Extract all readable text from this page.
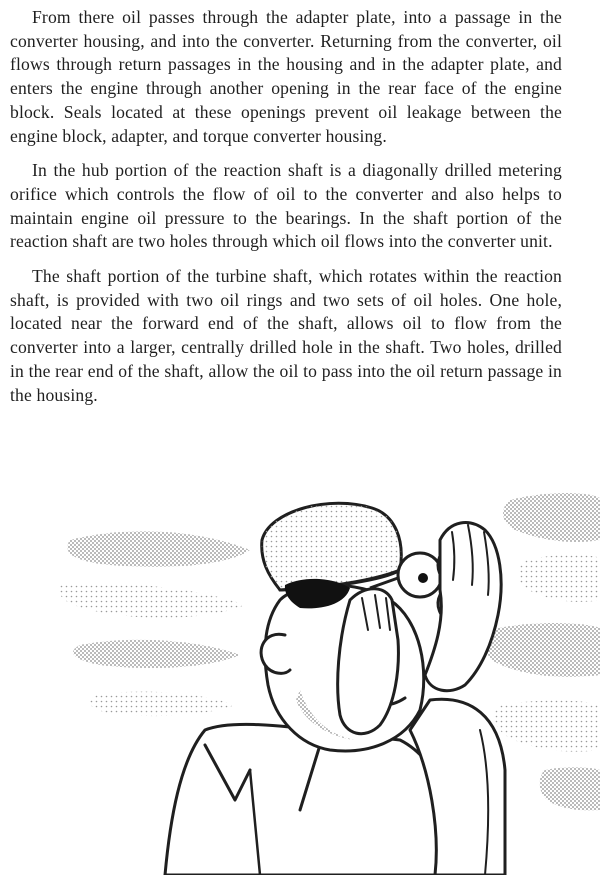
From there oil passes through the adapter plate, into a passage in the converter housing, and into the converter. Returning from the converter, oil flows through return passages in the housing and in the adapter plate, and enters the engine through another opening in the rear face of the engine block. Seals located at these openings prevent oil leakage between the engine block, adapter, and torque converter housing.

In the hub portion of the reaction shaft is a diagonally drilled metering orifice which controls the flow of oil to the converter and also helps to maintain engine oil pressure to the bearings. In the shaft portion of the reaction shaft are two holes through which oil flows into the converter unit.

The shaft portion of the turbine shaft, which rotates within the reaction shaft, is provided with two oil rings and two sets of oil holes. One hole, located near the forward end of the shaft, allows oil to flow from the converter into a larger, centrally drilled hole in the shaft. Two holes, drilled in the rear end of the shaft, allow the oil to pass into the oil return passage in the housing.
